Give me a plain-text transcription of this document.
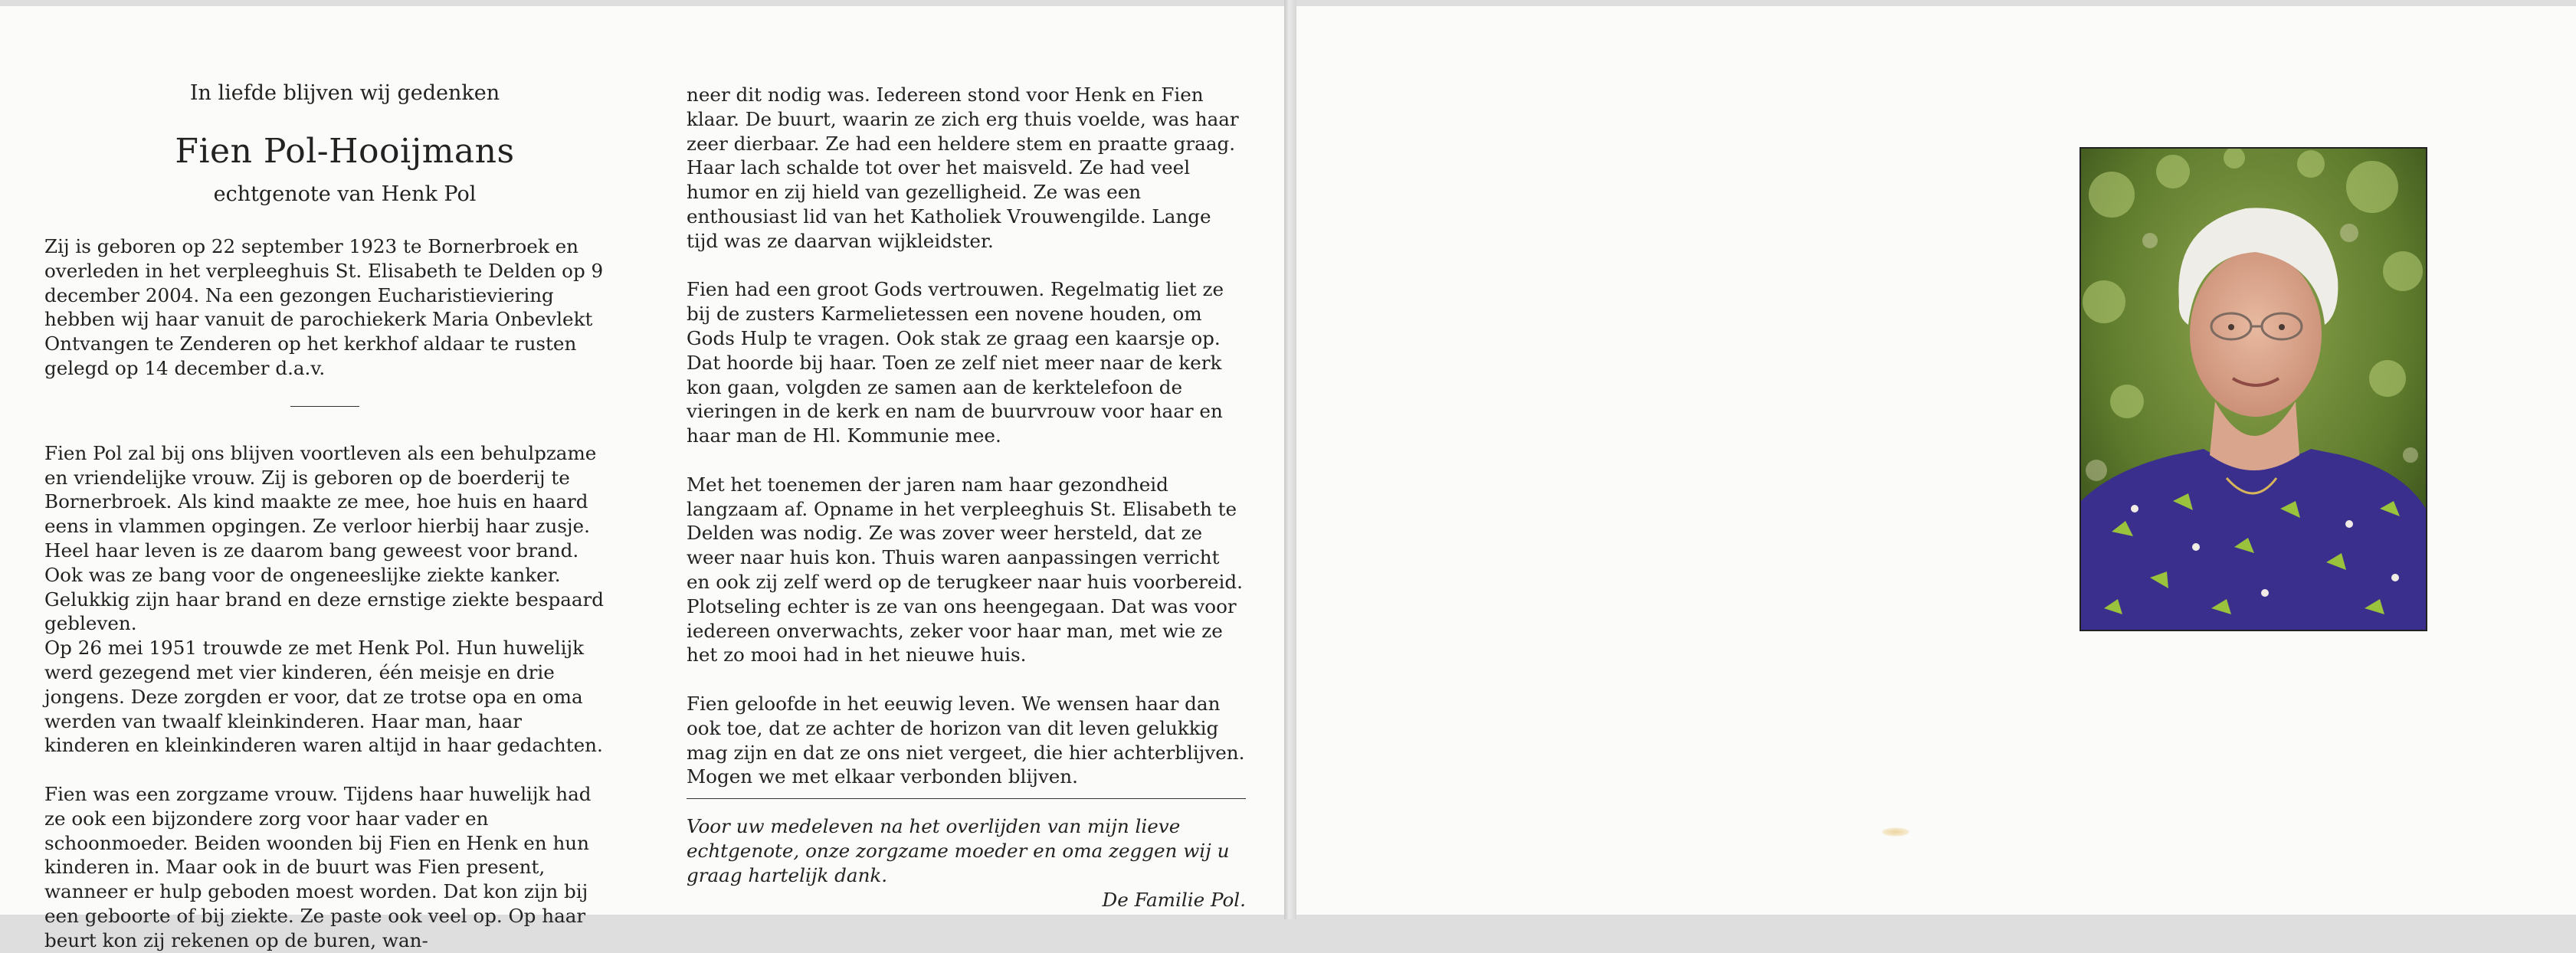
In liefde blijven wij gedenken
Fien Pol-Hooijmans
echtgenote van Henk Pol

Zij is geboren op 22 september 1923 te Bornerbroek en overleden in het verpleeghuis St. Elisabeth te Delden op 9 december 2004. Na een gezongen Eucharistieviering hebben wij haar vanuit de parochiekerk Maria Onbevlekt Ontvangen te Zenderen op het kerkhof aldaar te rusten gelegd op 14 december d.a.v.

Fien Pol zal bij ons blijven voortleven als een behulpzame en vriendelijke vrouw. Zij is geboren op de boerderij te Bornerbroek. Als kind maakte ze mee, hoe huis en haard eens in vlammen opgingen. Ze verloor hierbij haar zusje. Heel haar leven is ze daarom bang geweest voor brand. Ook was ze bang voor de ongeneeslijke ziekte kanker. Gelukkig zijn haar brand en deze ernstige ziekte bespaard gebleven.

Op 26 mei 1951 trouwde ze met Henk Pol. Hun huwelijk werd gezegend met vier kinderen, één meisje en drie jongens. Deze zorgden er voor, dat ze trotse opa en oma werden van twaalf kleinkinderen. Haar man, haar kinderen en kleinkinderen waren altijd in haar gedachten.

Fien was een zorgzame vrouw. Tijdens haar huwelijk had ze ook een bijzondere zorg voor haar vader en schoonmoeder. Beiden woonden bij Fien en Henk en hun kinderen in. Maar ook in de buurt was Fien present, wanneer er hulp geboden moest worden. Dat kon zijn bij een geboorte of bij ziekte. Ze paste ook veel op. Op haar beurt kon zij rekenen op de buren, wan-

neer dit nodig was. Iedereen stond voor Henk en Fien klaar. De buurt, waarin ze zich erg thuis voelde, was haar zeer dierbaar. Ze had een heldere stem en praatte graag. Haar lach schalde tot over het maisveld. Ze had veel humor en zij hield van gezelligheid. Ze was een enthousiast lid van het Katholiek Vrouwengilde. Lange tijd was ze daarvan wijkleidster.

Fien had een groot Gods vertrouwen. Regelmatig liet ze bij de zusters Karmelietessen een novene houden, om Gods Hulp te vragen. Ook stak ze graag een kaarsje op. Dat hoorde bij haar. Toen ze zelf niet meer naar de kerk kon gaan, volgden ze samen aan de kerktelefoon de vieringen in de kerk en nam de buurvrouw voor haar en haar man de Hl. Kommunie mee.

Met het toenemen der jaren nam haar gezondheid langzaam af. Opname in het verpleeghuis St. Elisabeth te Delden was nodig. Ze was zover weer hersteld, dat ze weer naar huis kon. Thuis waren aanpassingen verricht en ook zij zelf werd op de terugkeer naar huis voorbereid. Plotseling echter is ze van ons heengegaan. Dat was voor iedereen onverwachts, zeker voor haar man, met wie ze het zo mooi had in het nieuwe huis.

Fien geloofde in het eeuwig leven. We wensen haar dan ook toe, dat ze achter de horizon van dit leven gelukkig mag zijn en dat ze ons niet vergeet, die hier achterblijven. Mogen we met elkaar verbonden blijven.

Voor uw medeleven na het overlijden van mijn lieve echtgenote, onze zorgzame moeder en oma zeggen wij u graag hartelijk dank.

De Familie Pol.
